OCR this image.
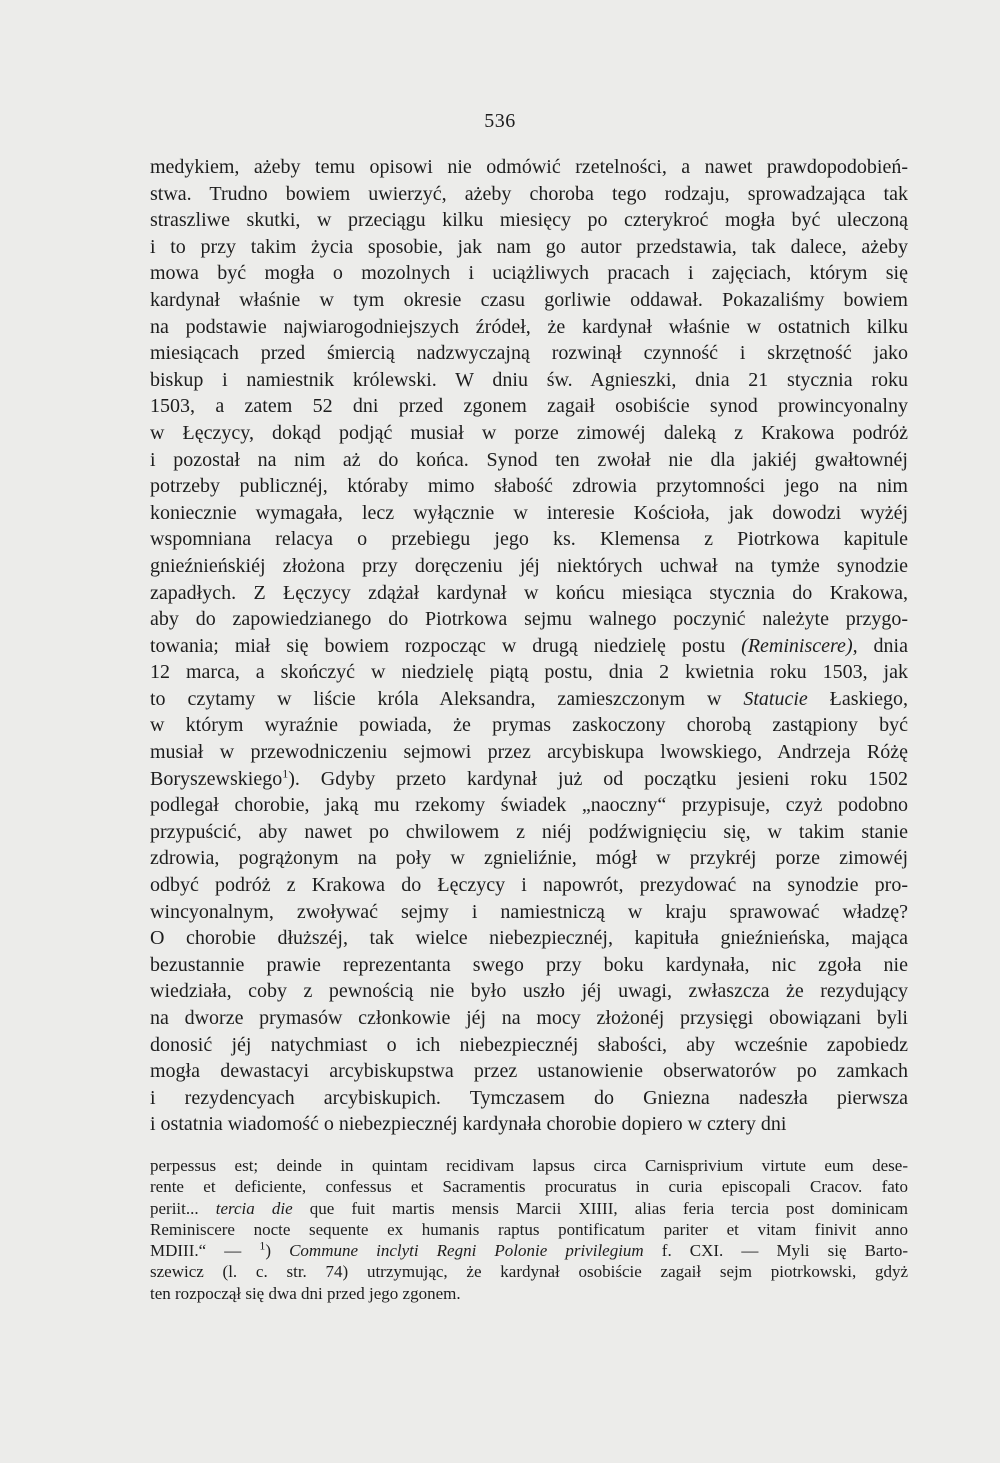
536
medykiem, ażeby temu opisowi nie odmówić rzetelności, a nawet prawdopodobień-
stwa. Trudno bowiem uwierzyć, ażeby choroba tego rodzaju, sprowadzająca tak
straszliwe skutki, w przeciągu kilku miesięcy po czterykroć mogła być uleczoną
i to przy takim życia sposobie, jak nam go autor przedstawia, tak dalece, ażeby
mowa być mogła o mozolnych i uciążliwych pracach i zajęciach, którym się
kardynał właśnie w tym okresie czasu gorliwie oddawał. Pokazaliśmy bowiem
na podstawie najwiarogodniejszych źródeł, że kardynał właśnie w ostatnich kilku
miesiącach przed śmiercią nadzwyczajną rozwinął czynność i skrzętność jako
biskup i namiestnik królewski. W dniu św. Agnieszki, dnia 21 stycznia roku
1503, a zatem 52 dni przed zgonem zagaił osobiście synod prowincyonalny
w Łęczycy, dokąd podjąć musiał w porze zimowéj daleką z Krakowa podróż
i pozostał na nim aż do końca. Synod ten zwołał nie dla jakiéj gwałtownéj
potrzeby publicznéj, któraby mimo słabość zdrowia przytomności jego na nim
koniecznie wymagała, lecz wyłącznie w interesie Kościoła, jak dowodzi wyżéj
wspomniana relacya o przebiegu jego ks. Klemensa z Piotrkowa kapitule
gnieźnieńskiéj złożona przy doręczeniu jéj niektórych uchwał na tymże synodzie
zapadłych. Z Łęczycy zdążał kardynał w końcu miesiąca stycznia do Krakowa,
aby do zapowiedzianego do Piotrkowa sejmu walnego poczynić należyte przygo-
towania; miał się bowiem rozpocząc w drugą niedzielę postu (Reminiscere), dnia
12 marca, a skończyć w niedzielę piątą postu, dnia 2 kwietnia roku 1503, jak
to czytamy w liście króla Aleksandra, zamieszczonym w Statucie Łaskiego,
w którym wyraźnie powiada, że prymas zaskoczony chorobą zastąpiony być
musiał w przewodniczeniu sejmowi przez arcybiskupa lwowskiego, Andrzeja Różę
Boryszewskiego$^1$). Gdyby przeto kardynał już od początku jesieni roku 1502
podlegał chorobie, jaką mu rzekomy świadek „naoczny“ przypisuje, czyż podobno
przypuścić, aby nawet po chwilowem z niéj podźwignięciu się, w takim stanie
zdrowia, pogrążonym na poły w zgnieliźnie, mógł w przykréj porze zimowéj
odbyć podróż z Krakowa do Łęczycy i napowrót, prezydować na synodzie pro-
wincyonalnym, zwoływać sejmy i namiestniczą w kraju sprawować władzę?
O chorobie dłuższéj, tak wielce niebezpiecznéj, kapituła gnieźnieńska, mająca
bezustannie prawie reprezentanta swego przy boku kardynała, nic zgoła nie
wiedziała, coby z pewnością nie było uszło jéj uwagi, zwłaszcza że rezydujący
na dworze prymasów członkowie jéj na mocy złożonéj przysięgi obowiązani byli
donosić jéj natychmiast o ich niebezpiecznéj słabości, aby wcześnie zapobiedz
mogła dewastacyi arcybiskupstwa przez ustanowienie obserwatorów po zamkach
i rezydencyach arcybiskupich. Tymczasem do Gniezna nadeszła pierwsza
i ostatnia wiadomość o niebezpiecznéj kardynała chorobie dopiero w cztery dni
perpessus est; deinde in quintam recidivam lapsus circa Carnisprivium virtute eum dese-
rente et deficiente, confessus et Sacramentis procuratus in curia episcopali Cracov. fato
periit... tercia die que fuit martis mensis Marcii XIIII, alias feria tercia post dominicam
Reminiscere nocte sequente ex humanis raptus pontificatum pariter et vitam finivit anno
MDIII.“ — $^1$) Commune inclyti Regni Polonie privilegium f. CXI. — Myli się Barto-
szewicz (l. c. str. 74) utrzymując, że kardynał osobiście zagaił sejm piotrkowski, gdyż
ten rozpoczął się dwa dni przed jego zgonem.
